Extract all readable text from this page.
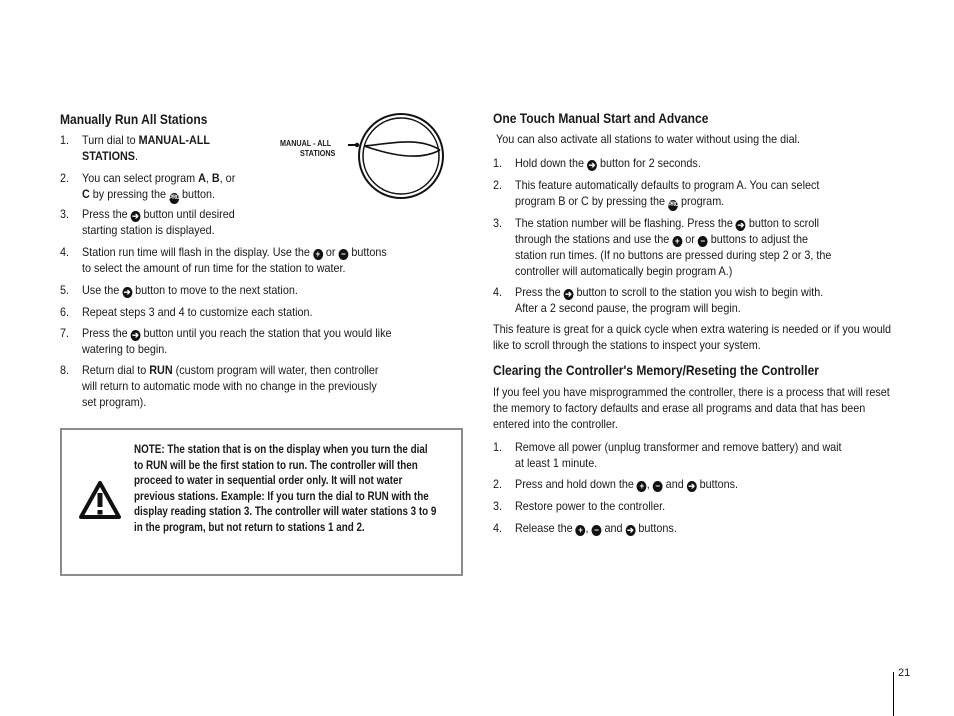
Manually Run All Stations
MANUAL - ALL
STATIONS
1. Turn dial to MANUAL-ALL
STATIONS.
2. You can select program A, B, or
C by pressing the PRG button.
3. Press the ➔ button until desired
starting station is displayed.
4. Station run time will flash in the display. Use the + or − buttons
to select the amount of run time for the station to water.
5. Use the ➔ button to move to the next station.
6. Repeat steps 3 and 4 to customize each station.
7. Press the ➔ button until you reach the station that you would like
watering to begin.
8. Return dial to RUN (custom program will water, then controller
will return to automatic mode with no change in the previously
set program).
NOTE: The station that is on the display when you turn the dial to RUN will be the first station to run. The controller will then proceed to water in sequential order only. It will not water previous stations. Example: If you turn the dial to RUN with the display reading station 3. The controller will water stations 3 to 9 in the program, but not return to stations 1 and 2.
One Touch Manual Start and Advance
You can also activate all stations to water without using the dial.
1. Hold down the ➔ button for 2 seconds.
2. This feature automatically defaults to program A. You can select
program B or C by pressing the PRG program.
3. The station number will be flashing. Press the ➔ button to scroll
through the stations and use the + or − buttons to adjust the
station run times. (If no buttons are pressed during step 2 or 3, the
controller will automatically begin program A.)
4. Press the ➔ button to scroll to the station you wish to begin with.
After a 2 second pause, the program will begin.
This feature is great for a quick cycle when extra watering is needed or if you would like to scroll through the stations to inspect your system.
Clearing the Controller's Memory/Reseting the Controller
If you feel you have misprogrammed the controller, there is a process that will reset the memory to factory defaults and erase all programs and data that has been entered into the controller.
1. Remove all power (unplug transformer and remove battery) and wait
at least 1 minute.
2. Press and hold down the + , − and ➔ buttons.
3. Restore power to the controller.
4. Release the + , − and ➔ buttons.
21
